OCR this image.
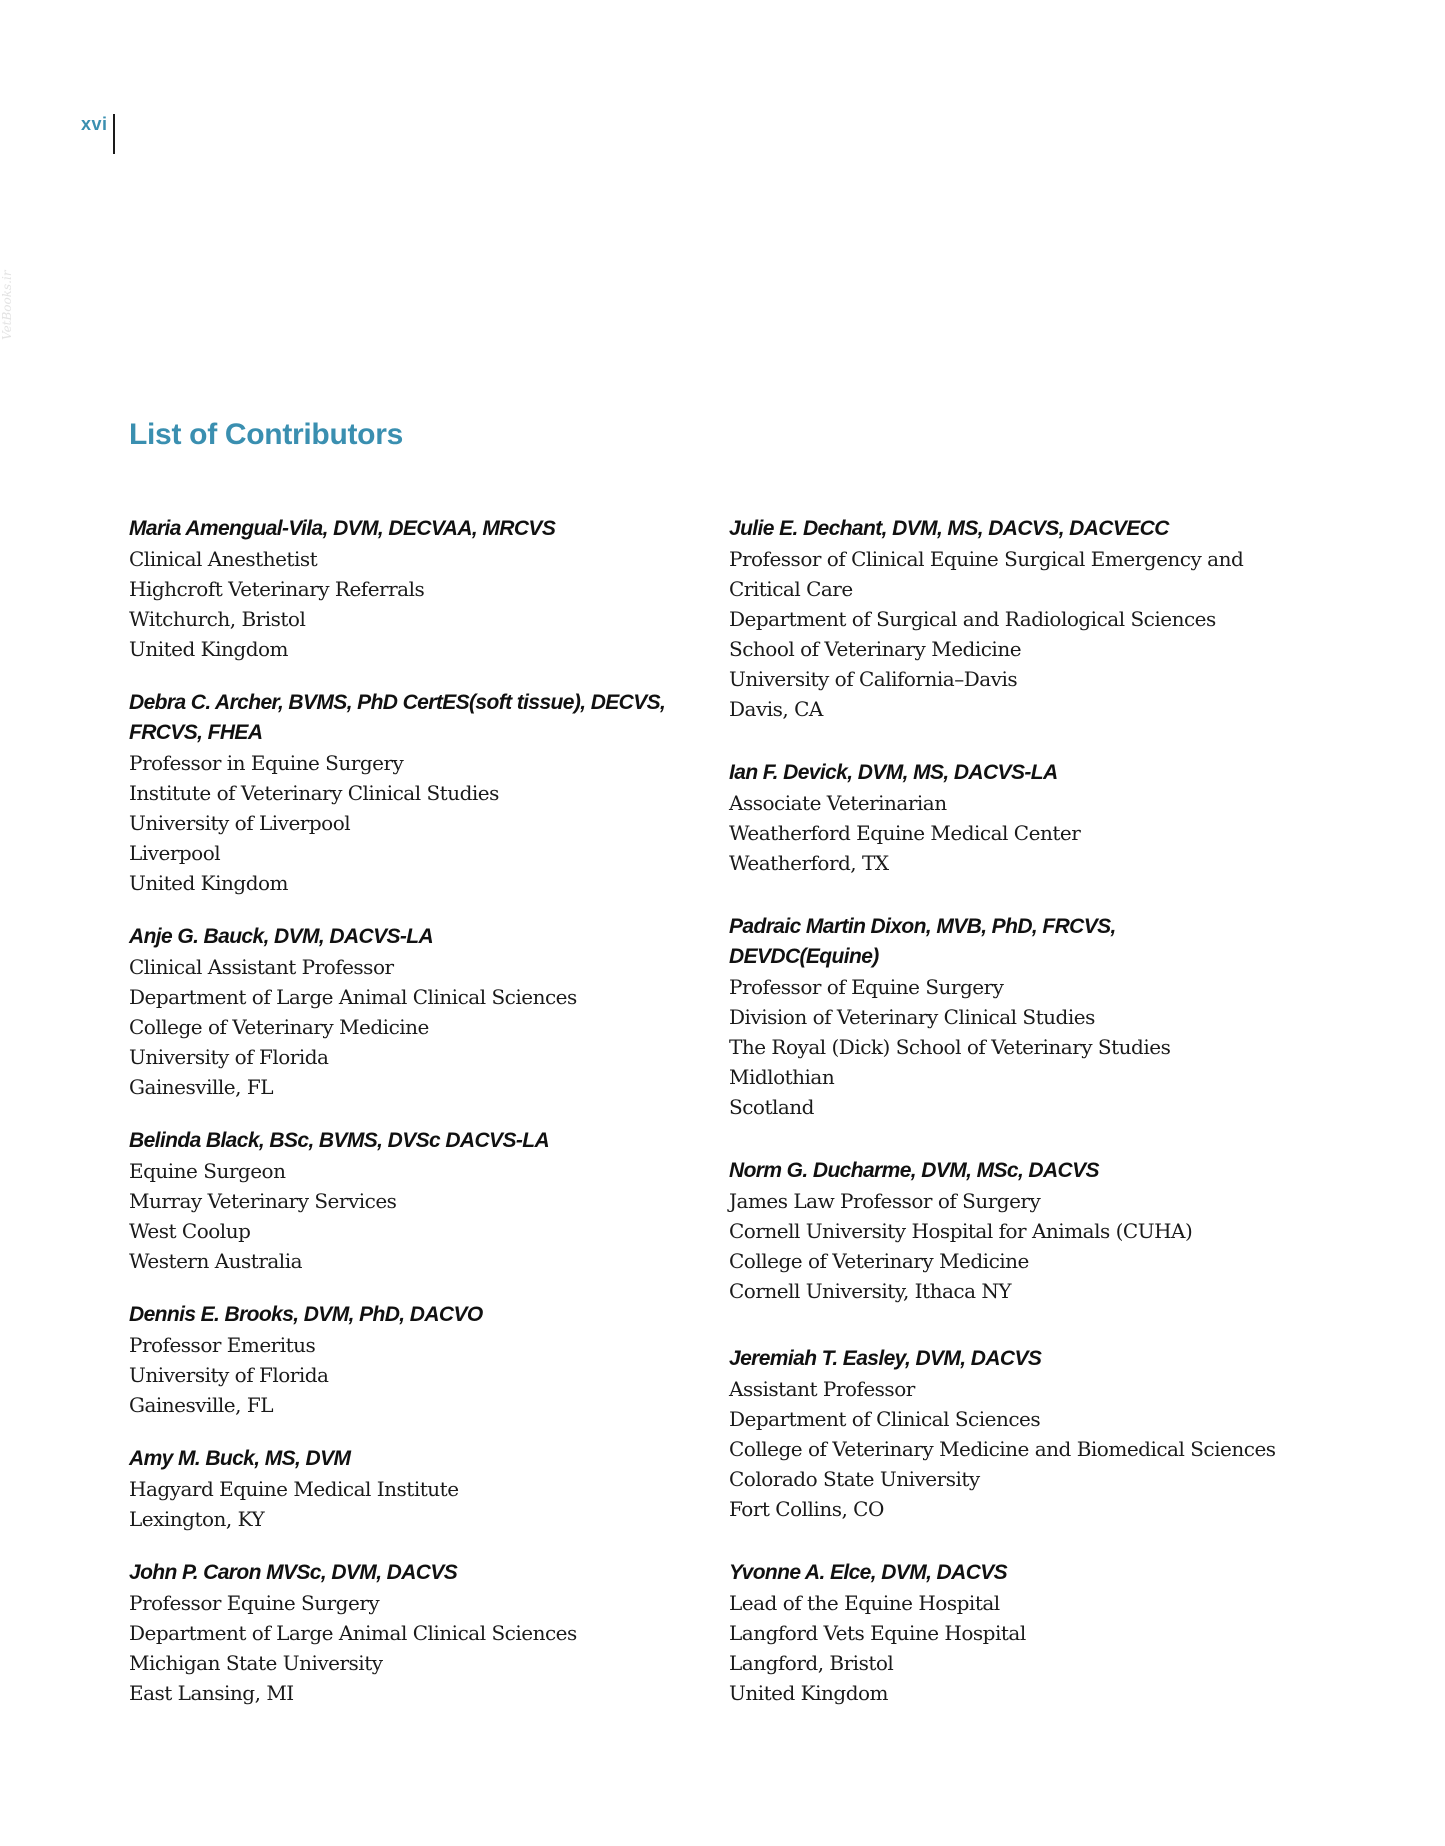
xvi
VetBooks.ir
List of Contributors
Maria Amengual-Vila, DVM, DECVAA, MRCVS
Clinical Anesthetist
Highcroft Veterinary Referrals
Witchurch, Bristol
United Kingdom
Debra C. Archer, BVMS, PhD CertES(soft tissue), DECVS,
FRCVS, FHEA
Professor in Equine Surgery
Institute of Veterinary Clinical Studies
University of Liverpool
Liverpool
United Kingdom
Anje G. Bauck, DVM, DACVS-LA
Clinical Assistant Professor
Department of Large Animal Clinical Sciences
College of Veterinary Medicine
University of Florida
Gainesville, FL
Belinda Black, BSc, BVMS, DVSc DACVS-LA
Equine Surgeon
Murray Veterinary Services
West Coolup
Western Australia
Dennis E. Brooks, DVM, PhD, DACVO
Professor Emeritus
University of Florida
Gainesville, FL
Amy M. Buck, MS, DVM
Hagyard Equine Medical Institute
Lexington, KY
John P. Caron MVSc, DVM, DACVS
Professor Equine Surgery
Department of Large Animal Clinical Sciences
Michigan State University
East Lansing, MI
Julie E. Dechant, DVM, MS, DACVS, DACVECC
Professor of Clinical Equine Surgical Emergency and
Critical Care
Department of Surgical and Radiological Sciences
School of Veterinary Medicine
University of California–Davis
Davis, CA
Ian F. Devick, DVM, MS, DACVS-LA
Associate Veterinarian
Weatherford Equine Medical Center
Weatherford, TX
Padraic Martin Dixon, MVB, PhD, FRCVS,
DEVDC(Equine)
Professor of Equine Surgery
Division of Veterinary Clinical Studies
The Royal (Dick) School of Veterinary Studies
Midlothian
Scotland
Norm G. Ducharme, DVM, MSc, DACVS
James Law Professor of Surgery
Cornell University Hospital for Animals (CUHA)
College of Veterinary Medicine
Cornell University, Ithaca NY
Jeremiah T. Easley, DVM, DACVS
Assistant Professor
Department of Clinical Sciences
College of Veterinary Medicine and Biomedical Sciences
Colorado State University
Fort Collins, CO
Yvonne A. Elce, DVM, DACVS
Lead of the Equine Hospital
Langford Vets Equine Hospital
Langford, Bristol
United Kingdom
